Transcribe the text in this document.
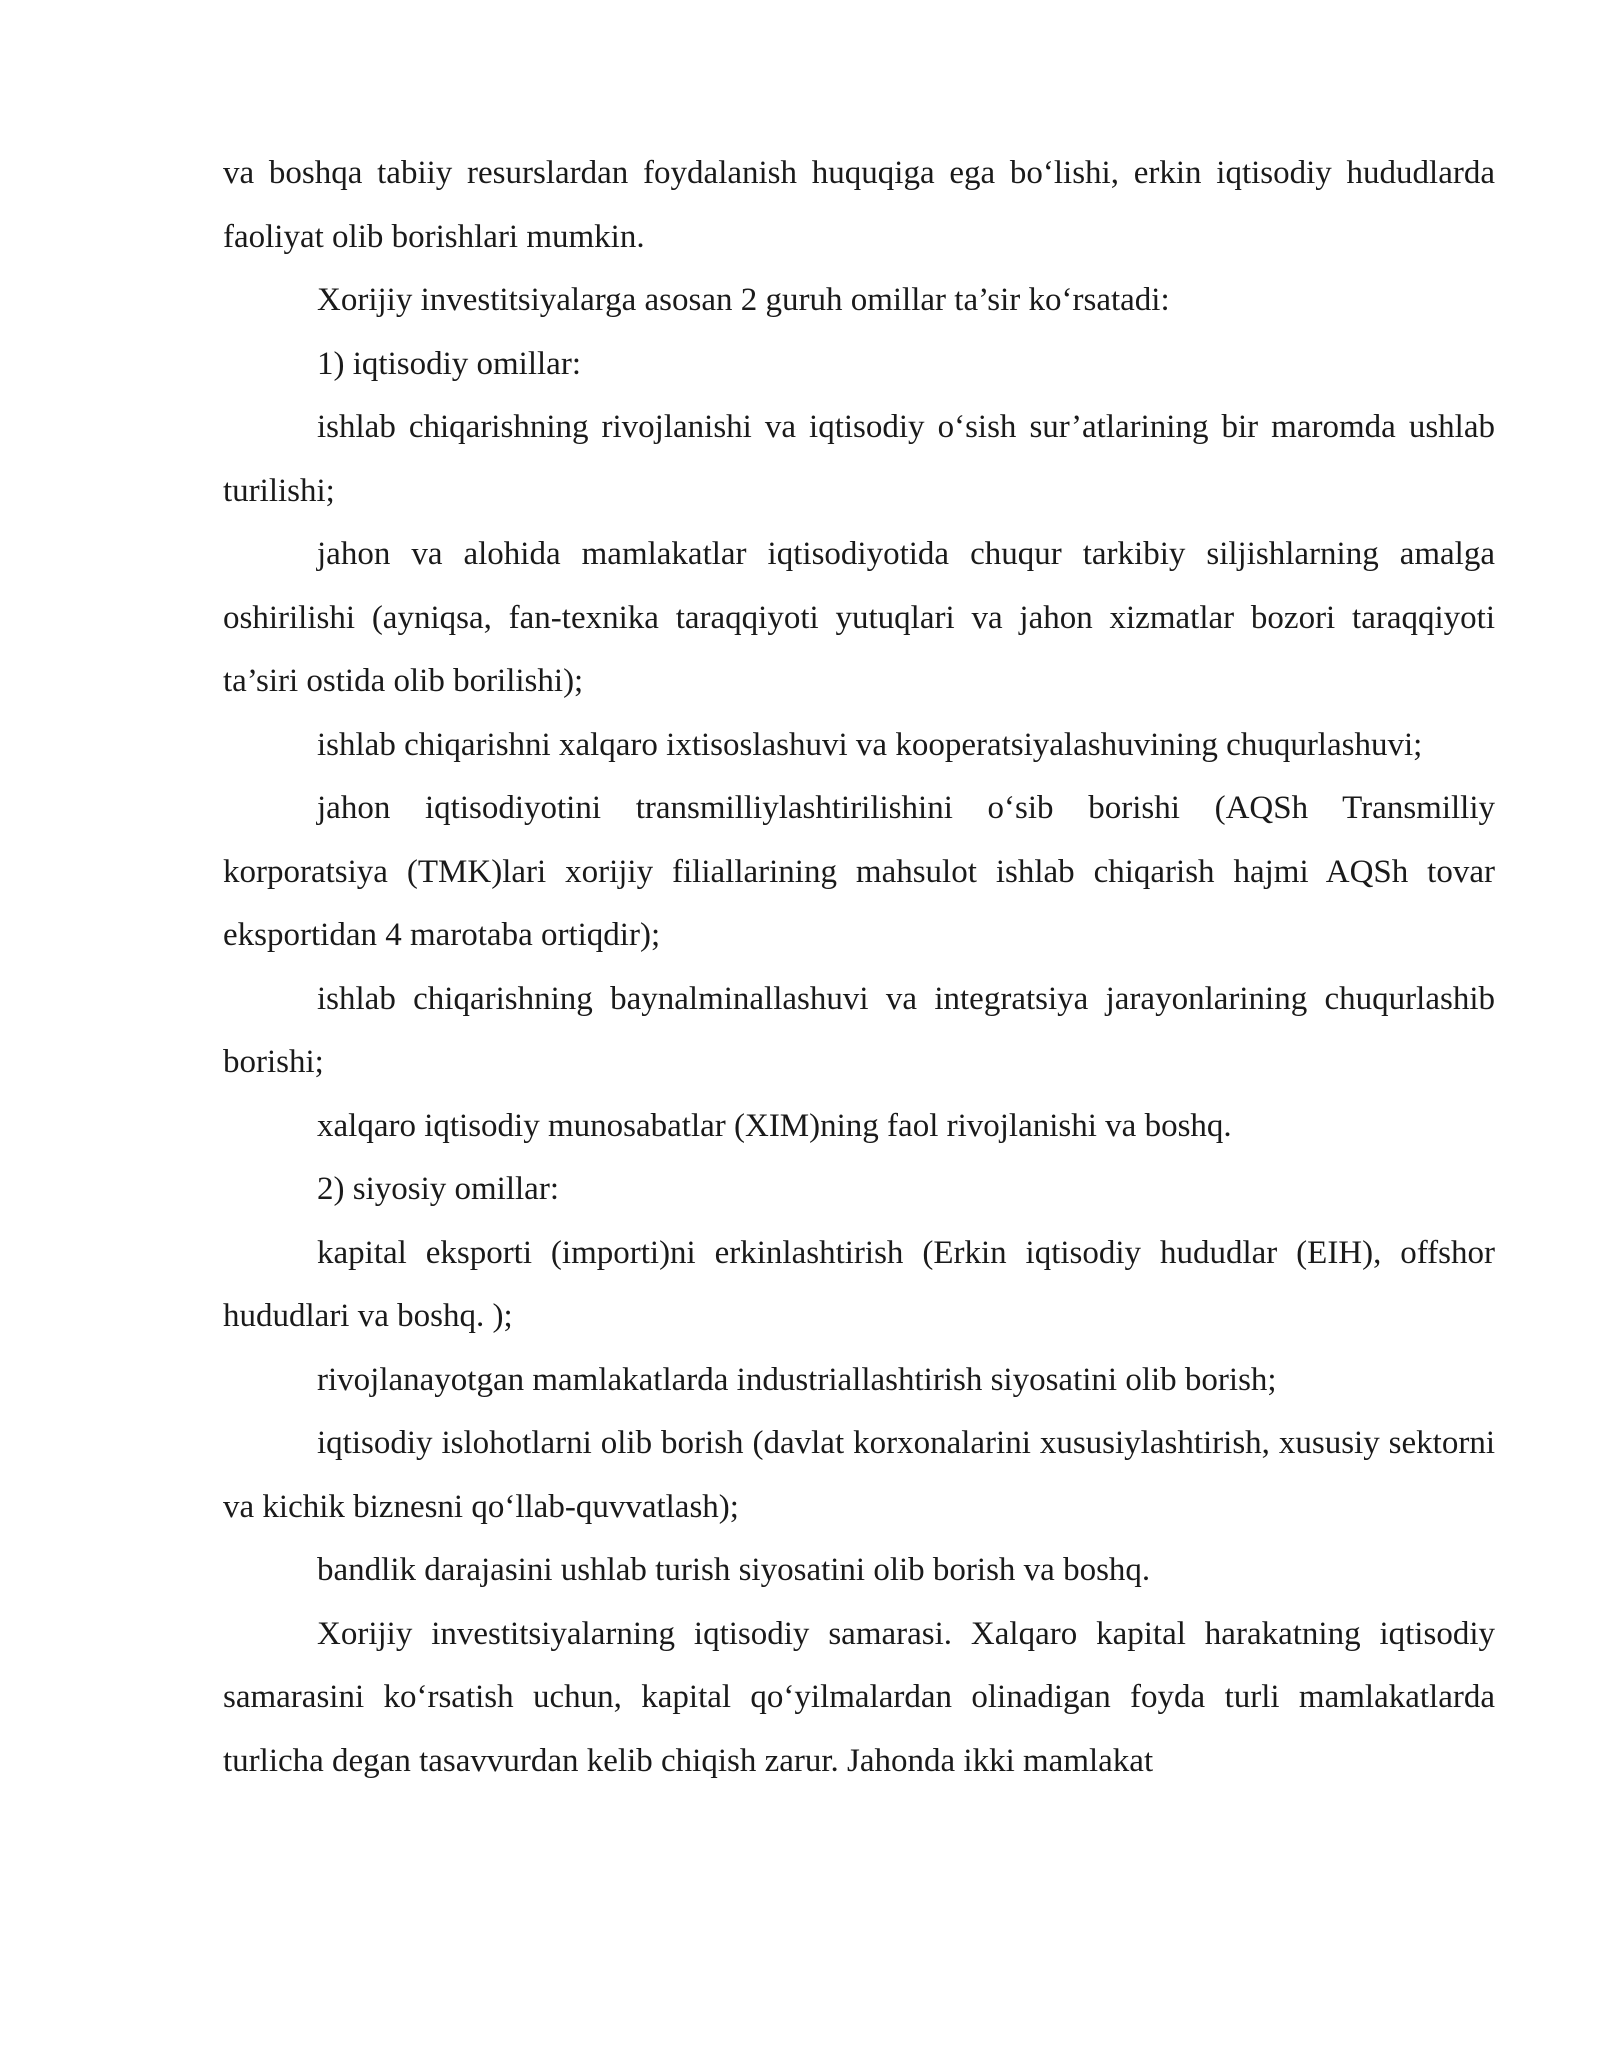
va boshqa tabiiy resurslardan foydalanish huquqiga ega bo‘lishi, erkin iqtisodiy hududlarda faoliyat olib borishlari mumkin.

Xorijiy investitsiyalarga asosan 2 guruh omillar ta’sir ko‘rsatadi:

1) iqtisodiy omillar:

ishlab chiqarishning rivojlanishi va iqtisodiy o‘sish sur’atlarining bir maromda ushlab turilishi;

jahon va alohida mamlakatlar iqtisodiyotida chuqur tarkibiy siljishlarning amalga oshirilishi (ayniqsa, fan-texnika taraqqiyoti yutuqlari va jahon xizmatlar bozori taraqqiyoti ta’siri ostida olib borilishi);

ishlab chiqarishni xalqaro ixtisoslashuvi va kooperatsiyalashuvining chuqurlashuvi;

jahon iqtisodiyotini transmilliylashtirilishini o‘sib borishi (AQSh Transmilliy korporatsiya (TMK)lari xorijiy filiallarining mahsulot ishlab chiqarish hajmi AQSh tovar eksportidan 4 marotaba ortiqdir);

ishlab chiqarishning baynalminallashuvi va integratsiya jarayonlarining chuqurlashib borishi;

xalqaro iqtisodiy munosabatlar (XIM)ning faol rivojlanishi va boshq.

2) siyosiy omillar:

kapital eksporti (importi)ni erkinlashtirish (Erkin iqtisodiy hududlar (EIH), offshor hududlari va boshq. );

rivojlanayotgan mamlakatlarda industriallashtirish siyosatini olib borish;

iqtisodiy islohotlarni olib borish (davlat korxonalarini xususiylashtirish, xususiy sektorni va kichik biznesni qo‘llab-quvvatlash);

bandlik darajasini ushlab turish siyosatini olib borish va boshq.

Xorijiy investitsiyalarning iqtisodiy samarasi. Xalqaro kapital harakatning iqtisodiy samarasini ko‘rsatish uchun, kapital qo‘yilmalardan olinadigan foyda turli mamlakatlarda turlicha degan tasavvurdan kelib chiqish zarur. Jahonda ikki mamlakat
